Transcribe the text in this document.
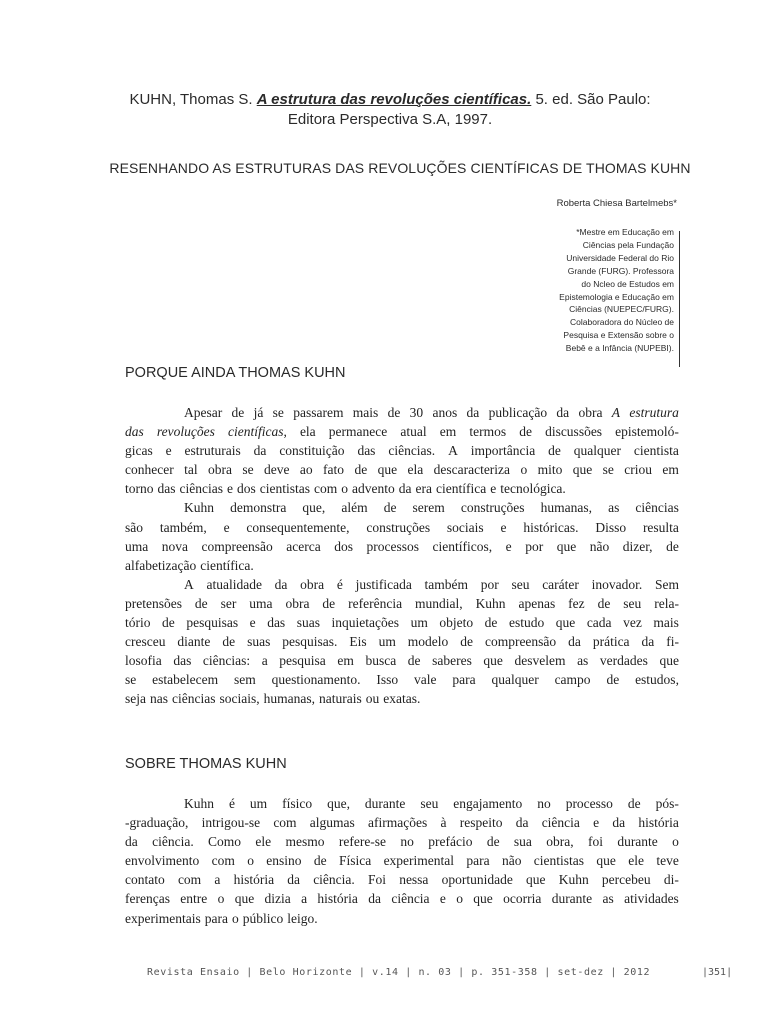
KUHN, Thomas S. A estrutura das revoluções científicas. 5. ed. São Paulo:
Editora Perspectiva S.A, 1997.
RESENHANDO AS ESTRUTURAS DAS REVOLUÇÕES CIENTÍFICAS DE THOMAS KUHN
Roberta Chiesa Bartelmebs*
*Mestre em Educação em
Ciências pela Fundação
Universidade Federal do Rio
Grande (FURG). Professora
do Ncleo de Estudos em
Epistemologia e Educação em
Ciências (NUEPEC/FURG).
Colaboradora do Núcleo de
Pesquisa e Extensão sobre o
Bebê e a Infância (NUPEBI).
PORQUE AINDA THOMAS KUHN
Apesar de já se passarem mais de 30 anos da publicação da obra A estrutura
das revoluções científicas, ela permanece atual em termos de discussões epistemoló-
gicas e estruturais da constituição das ciências. A importância de qualquer cientista
conhecer tal obra se deve ao fato de que ela descaracteriza o mito que se criou em
torno das ciências e dos cientistas com o advento da era científica e tecnológica.
Kuhn demonstra que, além de serem construções humanas, as ciências
são também, e consequentemente, construções sociais e históricas. Disso resulta
uma nova compreensão acerca dos processos científicos, e por que não dizer, de
alfabetização científica.
A atualidade da obra é justificada também por seu caráter inovador. Sem
pretensões de ser uma obra de referência mundial, Kuhn apenas fez de seu rela-
tório de pesquisas e das suas inquietações um objeto de estudo que cada vez mais
cresceu diante de suas pesquisas. Eis um modelo de compreensão da prática da fi-
losofia das ciências: a pesquisa em busca de saberes que desvelem as verdades que
se estabelecem sem questionamento. Isso vale para qualquer campo de estudos,
seja nas ciências sociais, humanas, naturais ou exatas.
SOBRE THOMAS KUHN
Kuhn é um físico que, durante seu engajamento no processo de pós-
-graduação, intrigou-se com algumas afirmações à respeito da ciência e da história
da ciência. Como ele mesmo refere-se no prefácio de sua obra, foi durante o
envolvimento com o ensino de Física experimental para não cientistas que ele teve
contato com a história da ciência. Foi nessa oportunidade que Kuhn percebeu di-
ferenças entre o que dizia a história da ciência e o que ocorria durante as atividades
experimentais para o público leigo.
Revista Ensaio | Belo Horizonte | v.14 | n. 03 | p. 351-358 | set-dez | 2012	|351|
